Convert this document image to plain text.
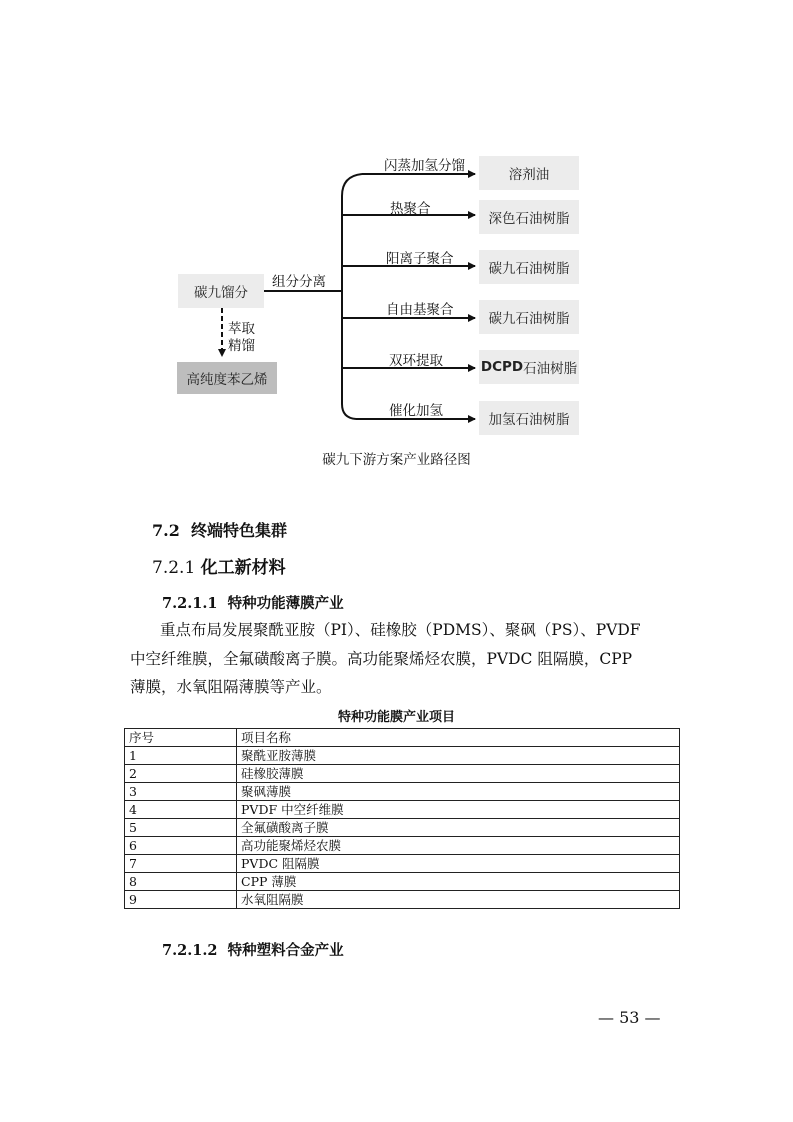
碳九馏分
组分分离
萃取
精馏
高纯度苯乙烯
闪蒸加氢分馏
热聚合
阳离子聚合
自由基聚合
双环提取
催化加氢
溶剂油
深色石油树脂
碳九石油树脂
碳九石油树脂
DCPD 石油树脂
加氢石油树脂
碳九下游方案产业路径图
7.2 终端特色集群
7.2.1 化工新材料
7.2.1.1 特种功能薄膜产业
重点布局发展聚酰亚胺（PI）、硅橡胶（PDMS）、聚砜（PS）、PVDF
中空纤维膜，全氟磺酸离子膜。高功能聚烯烃农膜，PVDC 阻隔膜，CPP
薄膜，水氧阻隔薄膜等产业。
特种功能膜产业项目
序号	项目名称
1	聚酰亚胺薄膜
2	硅橡胶薄膜
3	聚砜薄膜
4	PVDF 中空纤维膜
5	全氟磺酸离子膜
6	高功能聚烯烃农膜
7	PVDC 阻隔膜
8	CPP 薄膜
9	水氧阻隔膜
7.2.1.2 特种塑料合金产业
— 53 —
